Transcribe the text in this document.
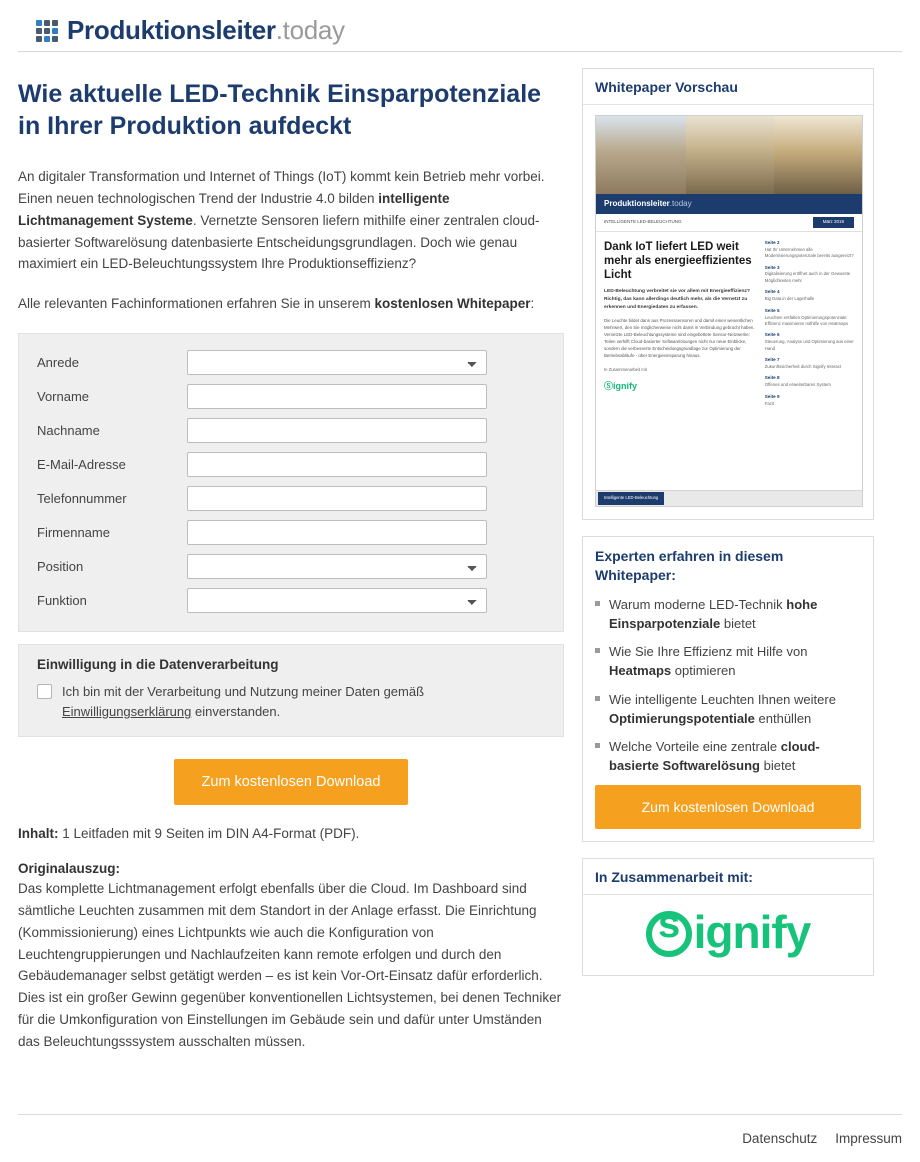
Produktionsleiter.today
Wie aktuelle LED-Technik Einsparpotenziale in Ihrer Produktion aufdeckt

An digitaler Transformation und Internet of Things (IoT) kommt kein Betrieb mehr vorbei. Einen neuen technologischen Trend der Industrie 4.0 bilden intelligente Lichtmanagement Systeme. Vernetzte Sensoren liefern mithilfe einer zentralen cloud-basierter Softwarelösung datenbasierte Entscheidungsgrundlagen. Doch wie genau maximiert ein LED-Beleuchtungssystem Ihre Produktionseffizienz?

Alle relevanten Fachinformationen erfahren Sie in unserem kostenlosen Whitepaper:

Anrede
Vorname
Nachname
E-Mail-Adresse
Telefonnummer
Firmenname
Position
Funktion
Einwilligung in die Datenverarbeitung
Ich bin mit der Verarbeitung und Nutzung meiner Daten gemäß Einwilligungserklärung einverstanden.
Zum kostenlosen Download

Inhalt: 1 Leitfaden mit 9 Seiten im DIN A4-Format (PDF).

Originalauszug:

Das komplette Lichtmanagement erfolgt ebenfalls über die Cloud. Im Dashboard sind sämtliche Leuchten zusammen mit dem Standort in der Anlage erfasst. Die Einrichtung (Kommissionierung) eines Lichtpunkts wie auch die Konfiguration von Leuchtengruppierungen und Nachlaufzeiten kann remote erfolgen und durch den Gebäudemanager selbst getätigt werden – es ist kein Vor-Ort-Einsatz dafür erforderlich. Dies ist ein großer Gewinn gegenüber konventionellen Lichtsystemen, bei denen Techniker für die Umkonfiguration von Einstellungen im Gebäude sein und dafür unter Umständen das Beleuchtungsssystem ausschalten müssen.

Whitepaper Vorschau
Produktionsleiter .today
INTELLIGENTE LED-BELEUCHTUNG	März 2019
Dank IoT liefert LED weit mehr als energieeffizientes Licht
LED-Beleuchtung verbreitet sie vor allem mit Energieeffizienz? Richtig, das kann allerdings deutlich mehr, als die Vernetzt zu erkennen und Energiedaten zu erfassen.
Die Leuchte bildet dann aus Prozesssensoren und damit einen wesentlichen Mehrwert, den Sie möglicherweise nicht damit in Verbindung gebracht haben. Vernetzte LED-Beleuchtungssysteme sind eingebettete Sensor-Netzwerke: Teilen verhilft Cloud-basierter Softwarelösungen nicht nur neue Einblicke, sondern die verbesserte Entscheidungsgrundlage zur Optimierung der Betriebsabläufe - über Energieeinsparung hinaus.
In Zusammenarbeit mit
Ⓢignify
Seite 2
Hat Ihr Unternehmen alle Modernisierungspotenziale bereits ausgereizt?
Seite 3
Digitalisierung eröffnet auch in der Gewusste Möglichkeiten mehr
Seite 4
Big Data in der Lagerhalle
Seite 5
Leuchten entfalten Optimierungspotenziale: Effizienz maximieren mithilfe von Heatmaps
Seite 6
Steuerung, Analyse und Optimierung aus einer Hand
Seite 7
Zukunftssicherheit durch Signify Interact
Seite 8
Offenes und erweiterbares System
Seite 9
Fazit
Intelligente LED-Beleuchtung
Experten erfahren in diesem Whitepaper:
Warum moderne LED-Technik hohe Einsparpotenziale bietet
Wie Sie Ihre Effizienz mit Hilfe von Heatmaps optimieren
Wie intelligente Leuchten Ihnen weitere Optimierungspotentiale enthüllen
Welche Vorteile eine zentrale cloud-basierte Softwarelösung bietet
Zum kostenlosen Download
In Zusammenarbeit mit:
signify
Datenschutz Impressum
